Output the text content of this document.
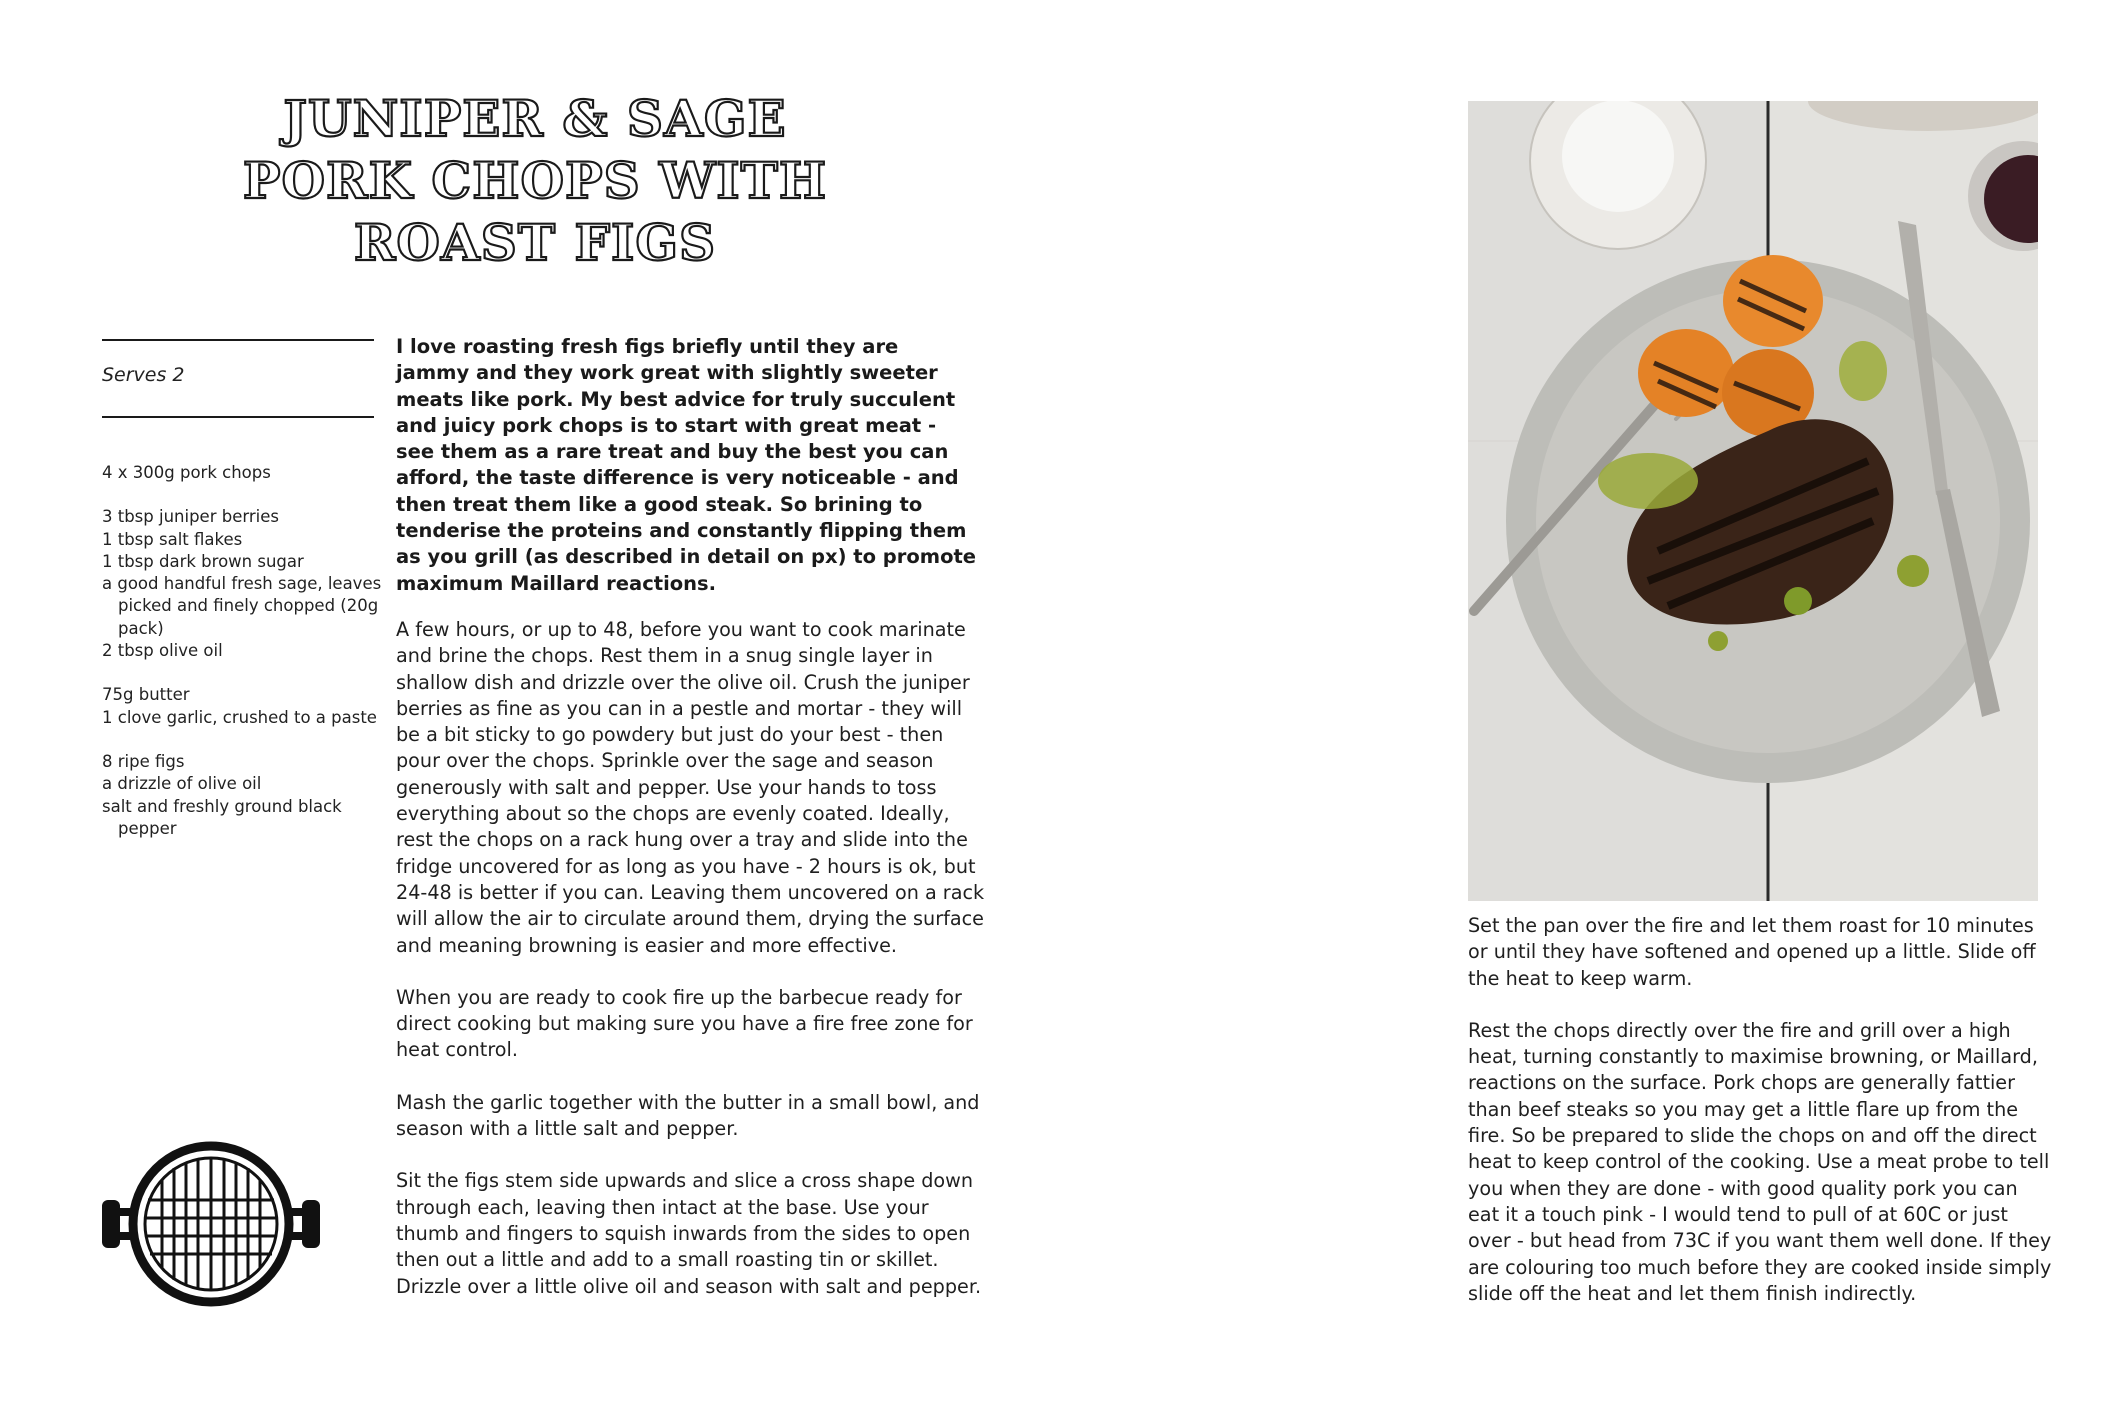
JUNIPER & SAGE
PORK CHOPS WITH
ROAST FIGS
Serves 2
4 x 300g pork chops
3 tbsp juniper berries
1 tbsp salt flakes
1 tbsp dark brown sugar
a good handful fresh sage, leaves picked and finely chopped (20g pack)
2 tbsp olive oil
75g butter
1 clove garlic, crushed to a paste
8 ripe figs
a drizzle of olive oil
salt and freshly ground black pepper

I love roasting fresh figs briefly until they are jammy and they work great with slightly sweeter meats like pork. My best advice for truly succulent and juicy pork chops is to start with great meat - see them as a rare treat and buy the best you can afford, the taste difference is very noticeable - and then treat them like a good steak. So brining to tenderise the proteins and constantly flipping them as you grill (as described in detail on px) to promote maximum Maillard reactions.

A few hours, or up to 48, before you want to cook marinate and brine the chops. Rest them in a snug single layer in shallow dish and drizzle over the olive oil. Crush the juniper berries as fine as you can in a pestle and mortar - they will be a bit sticky to go powdery but just do your best - then pour over the chops. Sprinkle over the sage and season generously with salt and pepper. Use your hands to toss everything about so the chops are evenly coated. Ideally, rest the chops on a rack hung over a tray and slide into the fridge uncovered for as long as you have - 2 hours is ok, but 24-48 is better if you can. Leaving them uncovered on a rack will allow the air to circulate around them, drying the surface and meaning browning is easier and more effective.

When you are ready to cook fire up the barbecue ready for direct cooking but making sure you have a fire free zone for heat control.

Mash the garlic together with the butter in a small bowl, and season with a little salt and pepper.

Sit the figs stem side upwards and slice a cross shape down through each, leaving then intact at the base. Use your thumb and fingers to squish inwards from the sides to open then out a little and add to a small roasting tin or skillet. Drizzle over a little olive oil and season with salt and pepper.

Set the pan over the fire and let them roast for 10 minutes or until they have softened and opened up a little. Slide off the heat to keep warm.

Rest the chops directly over the fire and grill over a high heat, turning constantly to maximise browning, or Maillard, reactions on the surface. Pork chops are generally fattier than beef steaks so you may get a little flare up from the fire. So be prepared to slide the chops on and off the direct heat to keep control of the cooking. Use a meat probe to tell you when they are done - with good quality pork you can eat it a touch pink - I would tend to pull of at 60C or just over - but head from 73C if you want them well done. If they are colouring too much before they are cooked inside simply slide off the heat and let them finish indirectly.
